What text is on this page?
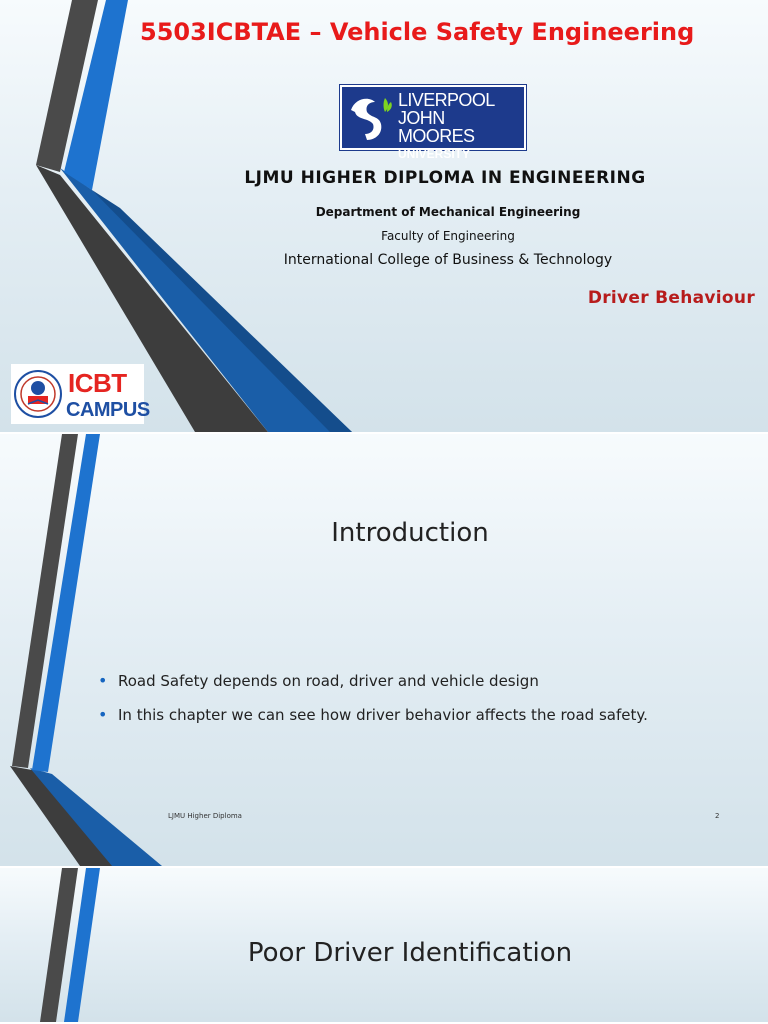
5503ICBTAE – Vehicle Safety Engineering
LIVERPOOL
JOHN MOORES
UNIVERSITY
LJMU HIGHER DIPLOMA IN ENGINEERING
Department of Mechanical Engineering
Faculty of Engineering
International College of Business & Technology
Driver Behaviour
ICBT
CAMPUS
Introduction
• Road Safety depends on road, driver and vehicle design
• In this chapter we can see how driver behavior affects the road safety.
LJMU Higher Diploma	2
Poor Driver Identification
